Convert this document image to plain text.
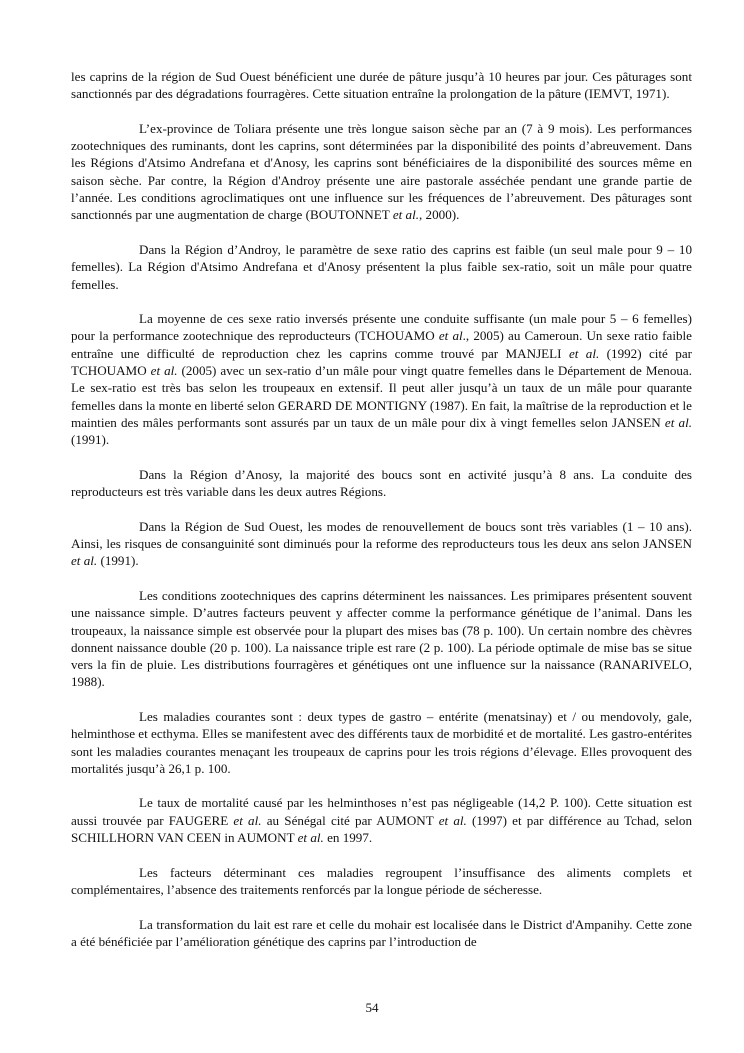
les caprins de la région de Sud Ouest bénéficient une durée de pâture jusqu’à 10 heures par jour. Ces pâturages sont sanctionnés par des dégradations fourragères. Cette situation entraîne la prolongation de la pâture (IEMVT, 1971).

L’ex-province de Toliara présente une très longue saison sèche par an (7 à 9 mois). Les performances zootechniques des ruminants, dont les caprins, sont déterminées par la disponibilité des points d’abreuvement. Dans les Régions d'Atsimo Andrefana et d'Anosy, les caprins sont bénéficiaires de la disponibilité des sources même en saison sèche. Par contre, la Région d'Androy présente une aire pastorale asséchée pendant une grande partie de l’année. Les conditions agroclimatiques ont une influence sur les fréquences de l’abreuvement. Des pâturages sont sanctionnés par une augmentation de charge (BOUTONNET et al., 2000).

Dans la Région d’Androy, le paramètre de sexe ratio des caprins est faible (un seul male pour 9 – 10 femelles). La Région d'Atsimo Andrefana et d'Anosy présentent la plus faible sex-ratio, soit un mâle pour quatre femelles.

La moyenne de ces sexe ratio inversés présente une conduite suffisante (un male pour 5 – 6 femelles) pour la performance zootechnique des reproducteurs (TCHOUAMO et al., 2005) au Cameroun. Un sexe ratio faible entraîne une difficulté de reproduction chez les caprins comme trouvé par MANJELI et al. (1992) cité par TCHOUAMO et al. (2005) avec un sex-ratio d’un mâle pour vingt quatre femelles dans le Département de Menoua. Le sex-ratio est très bas selon les troupeaux en extensif. Il peut aller jusqu’à un taux de un mâle pour quarante femelles dans la monte en liberté selon GERARD DE MONTIGNY (1987). En fait, la maîtrise de la reproduction et le maintien des mâles performants sont assurés par un taux de un mâle pour dix à vingt femelles selon JANSEN et al. (1991).

Dans la Région d’Anosy, la majorité des boucs sont en activité jusqu’à 8 ans. La conduite des reproducteurs est très variable dans les deux autres Régions.

Dans la Région de Sud Ouest, les modes de renouvellement de boucs sont très variables (1 – 10 ans). Ainsi, les risques de consanguinité sont diminués pour la reforme des reproducteurs tous les deux ans selon JANSEN et al. (1991).

Les conditions zootechniques des caprins déterminent les naissances. Les primipares présentent souvent une naissance simple. D’autres facteurs peuvent y affecter comme la performance génétique de l’animal. Dans les troupeaux, la naissance simple est observée pour la plupart des mises bas (78 p. 100). Un certain nombre des chèvres donnent naissance double (20 p. 100). La naissance triple est rare (2 p. 100). La période optimale de mise bas se situe vers la fin de pluie. Les distributions fourragères et génétiques ont une influence sur la naissance (RANARIVELO, 1988).

Les maladies courantes sont : deux types de gastro – entérite (menatsinay) et / ou mendovoly, gale, helminthose et ecthyma. Elles se manifestent avec des différents taux de morbidité et de mortalité. Les gastro-entérites sont les maladies courantes menaçant les troupeaux de caprins pour les trois régions d’élevage. Elles provoquent des mortalités jusqu’à 26,1 p. 100.

Le taux de mortalité causé par les helminthoses n’est pas négligeable (14,2 P. 100). Cette situation est aussi trouvée par FAUGERE et al. au Sénégal cité par AUMONT et al. (1997) et par différence au Tchad, selon SCHILLHORN VAN CEEN in AUMONT et al. en 1997.

Les facteurs déterminant ces maladies regroupent l’insuffisance des aliments complets et complémentaires, l’absence des traitements renforcés par la longue période de sécheresse.

La transformation du lait est rare et celle du mohair est localisée dans le District d'Ampanihy. Cette zone a été bénéficiée par l’amélioration génétique des caprins par l’introduction de

54
